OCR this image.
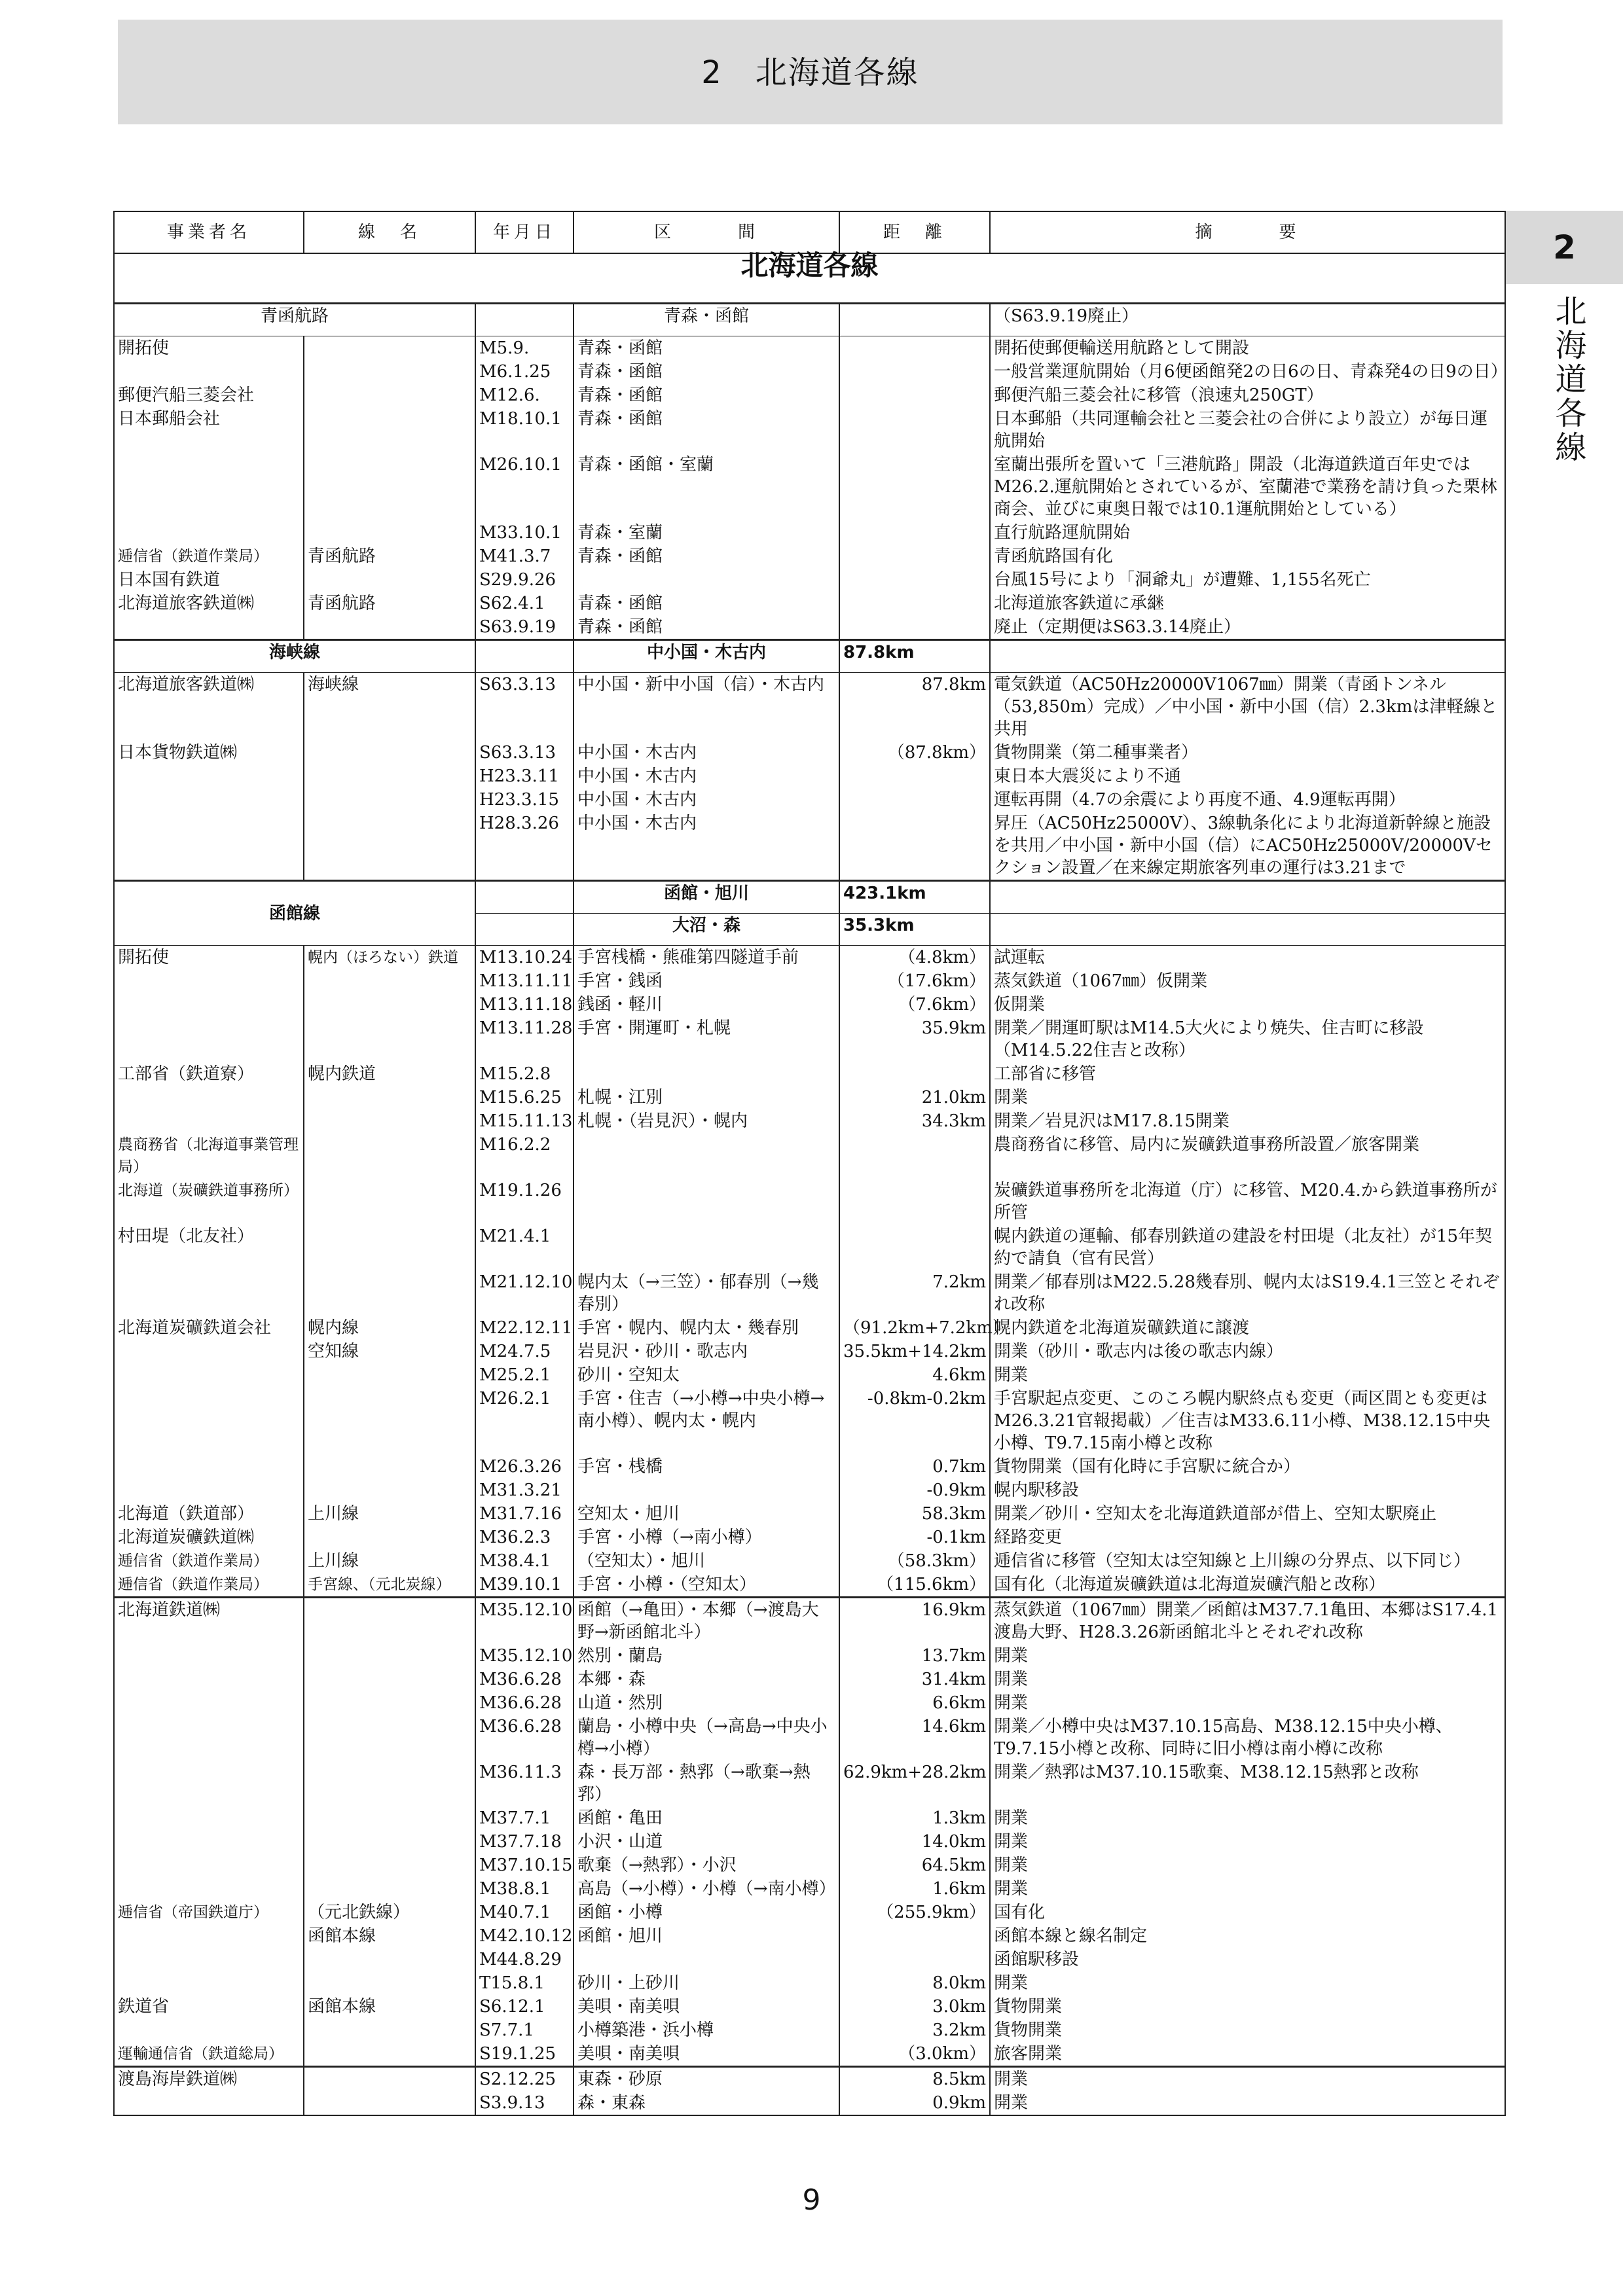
2　北海道各線
2
北海道各線
事業者名	線　名	年月日	区　　　間	距　離	摘　　　要
北海道各線					
青函航路			青森・函館		（S63.9.19廃止）
開拓使		M5.9.	青森・函館		開拓使郵便輸送用航路として開設
		M6.1.25	青森・函館		一般営業運航開始（月6便函館発2の日6の日、青森発4の日9の日）
郵便汽船三菱会社		M12.6.	青森・函館		郵便汽船三菱会社に移管（浪速丸250GT）
日本郵船会社		M18.10.1	青森・函館		日本郵船（共同運輸会社と三菱会社の合併により設立）が毎日運航開始
		M26.10.1	青森・函館・室蘭		室蘭出張所を置いて「三港航路」開設（北海道鉄道百年史ではM26.2.運航開始とされているが、室蘭港で業務を請け負った栗林商会、並びに東奥日報では10.1運航開始としている）
		M33.10.1	青森・室蘭		直行航路運航開始
逓信省（鉄道作業局）	青函航路	M41.3.7	青森・函館		青函航路国有化
日本国有鉄道		S29.9.26			台風15号により「洞爺丸」が遭難、1,155名死亡
北海道旅客鉄道㈱	青函航路	S62.4.1	青森・函館		北海道旅客鉄道に承継
		S63.9.19	青森・函館		廃止（定期便はS63.3.14廃止）
海峡線			中小国・木古内	87.8km	
北海道旅客鉄道㈱	海峡線	S63.3.13	中小国・新中小国（信）・木古内	87.8km	電気鉄道（AC50Hz20000V1067㎜）開業（青函トンネル（53,850m）完成）／中小国・新中小国（信）2.3kmは津軽線と共用
日本貨物鉄道㈱		S63.3.13	中小国・木古内	（87.8km）	貨物開業（第二種事業者）
		H23.3.11	中小国・木古内		東日本大震災により不通
		H23.3.15	中小国・木古内		運転再開（4.7の余震により再度不通、4.9運転再開）
		H28.3.26	中小国・木古内		昇圧（AC50Hz25000V）、3線軌条化により北海道新幹線と施設を共用／中小国・新中小国（信）にAC50Hz25000V/20000Vセクション設置／在来線定期旅客列車の運行は3.21まで
函館線			函館・旭川	423.1km	
			大沼・森	35.3km	
開拓使	幌内（ほろない）鉄道	M13.10.24	手宮桟橋・熊碓第四隧道手前	（4.8km）	試運転
		M13.11.11	手宮・銭函	（17.6km）	蒸気鉄道（1067㎜）仮開業
		M13.11.18	銭函・軽川	（7.6km）	仮開業
		M13.11.28	手宮・開運町・札幌	35.9km	開業／開運町駅はM14.5大火により焼失、住吉町に移設（M14.5.22住吉と改称）
工部省（鉄道寮）	幌内鉄道	M15.2.8			工部省に移管
		M15.6.25	札幌・江別	21.0km	開業
		M15.11.13	札幌・（岩見沢）・幌内	34.3km	開業／岩見沢はM17.8.15開業
農商務省（北海道事業管理局）		M16.2.2			農商務省に移管、局内に炭礦鉄道事務所設置／旅客開業
北海道（炭礦鉄道事務所）		M19.1.26			炭礦鉄道事務所を北海道（庁）に移管、M20.4.から鉄道事務所が所管
村田堤（北友社）		M21.4.1			幌内鉄道の運輸、郁春別鉄道の建設を村田堤（北友社）が15年契約で請負（官有民営）
		M21.12.10	幌内太（→三笠）・郁春別（→幾春別）	7.2km	開業／郁春別はM22.5.28幾春別、幌内太はS19.4.1三笠とそれぞれ改称
北海道炭礦鉄道会社	幌内線	M22.12.11	手宮・幌内、幌内太・幾春別	（91.2km+7.2km）	幌内鉄道を北海道炭礦鉄道に譲渡
	空知線	M24.7.5	岩見沢・砂川・歌志内	35.5km+14.2km	開業（砂川・歌志内は後の歌志内線）
		M25.2.1	砂川・空知太	4.6km	開業
		M26.2.1	手宮・住吉（→小樽→中央小樽→南小樽）、幌内太・幌内	-0.8km-0.2km	手宮駅起点変更、このころ幌内駅終点も変更（両区間とも変更はM26.3.21官報掲載）／住吉はM33.6.11小樽、M38.12.15中央小樽、T9.7.15南小樽と改称
		M26.3.26	手宮・桟橋	0.7km	貨物開業（国有化時に手宮駅に統合か）
		M31.3.21		-0.9km	幌内駅移設
北海道（鉄道部）	上川線	M31.7.16	空知太・旭川	58.3km	開業／砂川・空知太を北海道鉄道部が借上、空知太駅廃止
北海道炭礦鉄道㈱		M36.2.3	手宮・小樽（→南小樽）	-0.1km	経路変更
逓信省（鉄道作業局）	上川線	M38.4.1	（空知太）・旭川	（58.3km）	逓信省に移管（空知太は空知線と上川線の分界点、以下同じ）
逓信省（鉄道作業局）	手宮線、（元北炭線）	M39.10.1	手宮・小樽・（空知太）	（115.6km）	国有化（北海道炭礦鉄道は北海道炭礦汽船と改称）
北海道鉄道㈱		M35.12.10	函館（→亀田）・本郷（→渡島大野→新函館北斗）	16.9km	蒸気鉄道（1067㎜）開業／函館はM37.7.1亀田、本郷はS17.4.1渡島大野、H28.3.26新函館北斗とそれぞれ改称
		M35.12.10	然別・蘭島	13.7km	開業
		M36.6.28	本郷・森	31.4km	開業
		M36.6.28	山道・然別	6.6km	開業
		M36.6.28	蘭島・小樽中央（→高島→中央小樽→小樽）	14.6km	開業／小樽中央はM37.10.15高島、M38.12.15中央小樽、T9.7.15小樽と改称、同時に旧小樽は南小樽に改称
		M36.11.3	森・長万部・熱郛（→歌棄→熱郛）	62.9km+28.2km	開業／熱郛はM37.10.15歌棄、M38.12.15熱郛と改称
		M37.7.1	函館・亀田	1.3km	開業
		M37.7.18	小沢・山道	14.0km	開業
		M37.10.15	歌棄（→熱郛）・小沢	64.5km	開業
		M38.8.1	高島（→小樽）・小樽（→南小樽）	1.6km	開業
逓信省（帝国鉄道庁）	（元北鉄線）	M40.7.1	函館・小樽	（255.9km）	国有化
	函館本線	M42.10.12	函館・旭川		函館本線と線名制定
		M44.8.29			函館駅移設
		T15.8.1	砂川・上砂川	8.0km	開業
鉄道省	函館本線	S6.12.1	美唄・南美唄	3.0km	貨物開業
		S7.7.1	小樽築港・浜小樽	3.2km	貨物開業
運輸通信省（鉄道総局）		S19.1.25	美唄・南美唄	（3.0km）	旅客開業
渡島海岸鉄道㈱		S2.12.25	東森・砂原	8.5km	開業
		S3.9.13	森・東森	0.9km	開業
9
